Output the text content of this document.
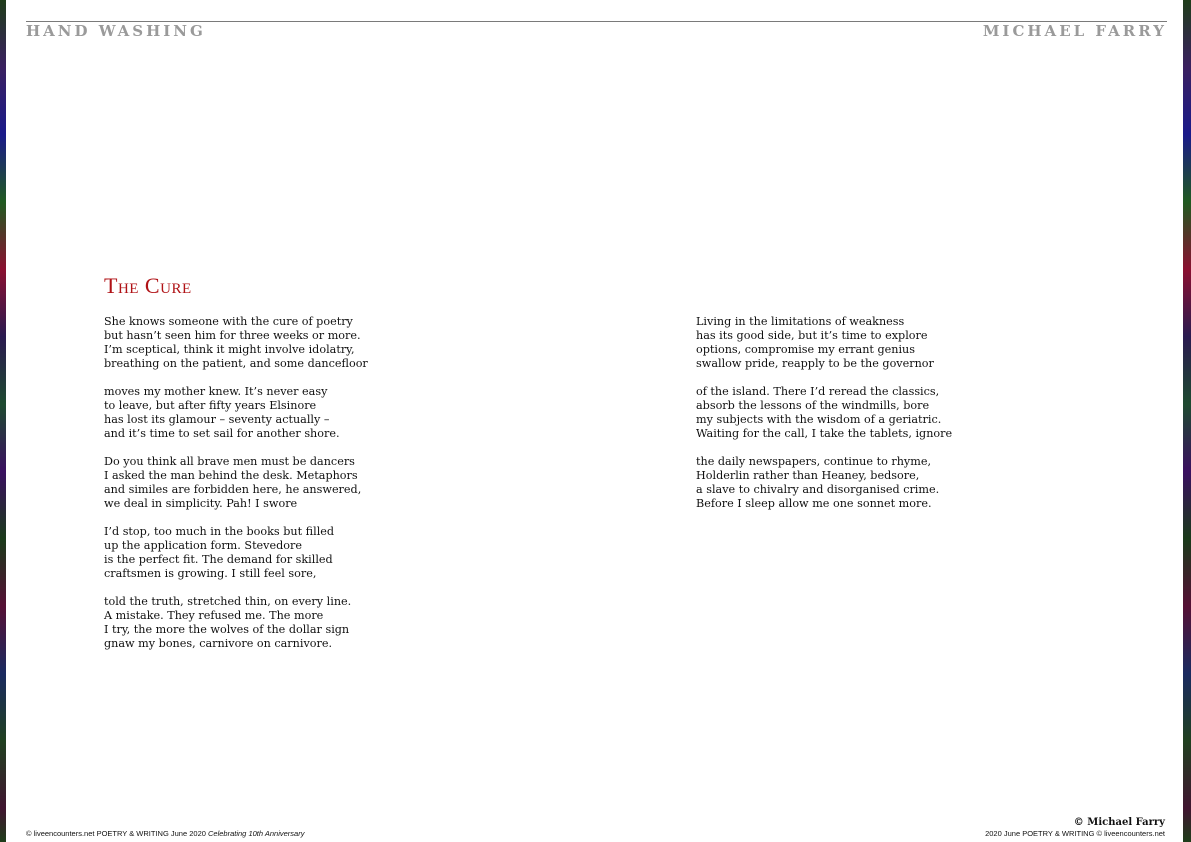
HAND WASHING	MICHAEL FARRY
The Cure
She knows someone with the cure of poetry
but hasn’t seen him for three weeks or more.
I’m sceptical, think it might involve idolatry,
breathing on the patient, and some dancefloor
moves my mother knew. It’s never easy
to leave, but after fifty years Elsinore
has lost its glamour – seventy actually –
and it’s time to set sail for another shore.
Do you think all brave men must be dancers
I asked the man behind the desk. Metaphors
and similes are forbidden here, he answered,
we deal in simplicity. Pah! I swore
I’d stop, too much in the books but filled
up the application form. Stevedore
is the perfect fit. The demand for skilled
craftsmen is growing. I still feel sore,
told the truth, stretched thin, on every line.
A mistake. They refused me. The more
I try, the more the wolves of the dollar sign
gnaw my bones, carnivore on carnivore.
Living in the limitations of weakness
has its good side, but it’s time to explore
options, compromise my errant genius
swallow pride, reapply to be the governor
of the island. There I’d reread the classics,
absorb the lessons of the windmills, bore
my subjects with the wisdom of a geriatric.
Waiting for the call, I take the tablets, ignore
the daily newspapers, continue to rhyme,
Holderlin rather than Heaney, bedsore,
a slave to chivalry and disorganised crime.
Before I sleep allow me one sonnet more.
© liveencounters.net POETRY & WRITING June 2020 Celebrating 10th Anniversary
© Michael Farry
2020 June POETRY & WRITING © liveencounters.net
